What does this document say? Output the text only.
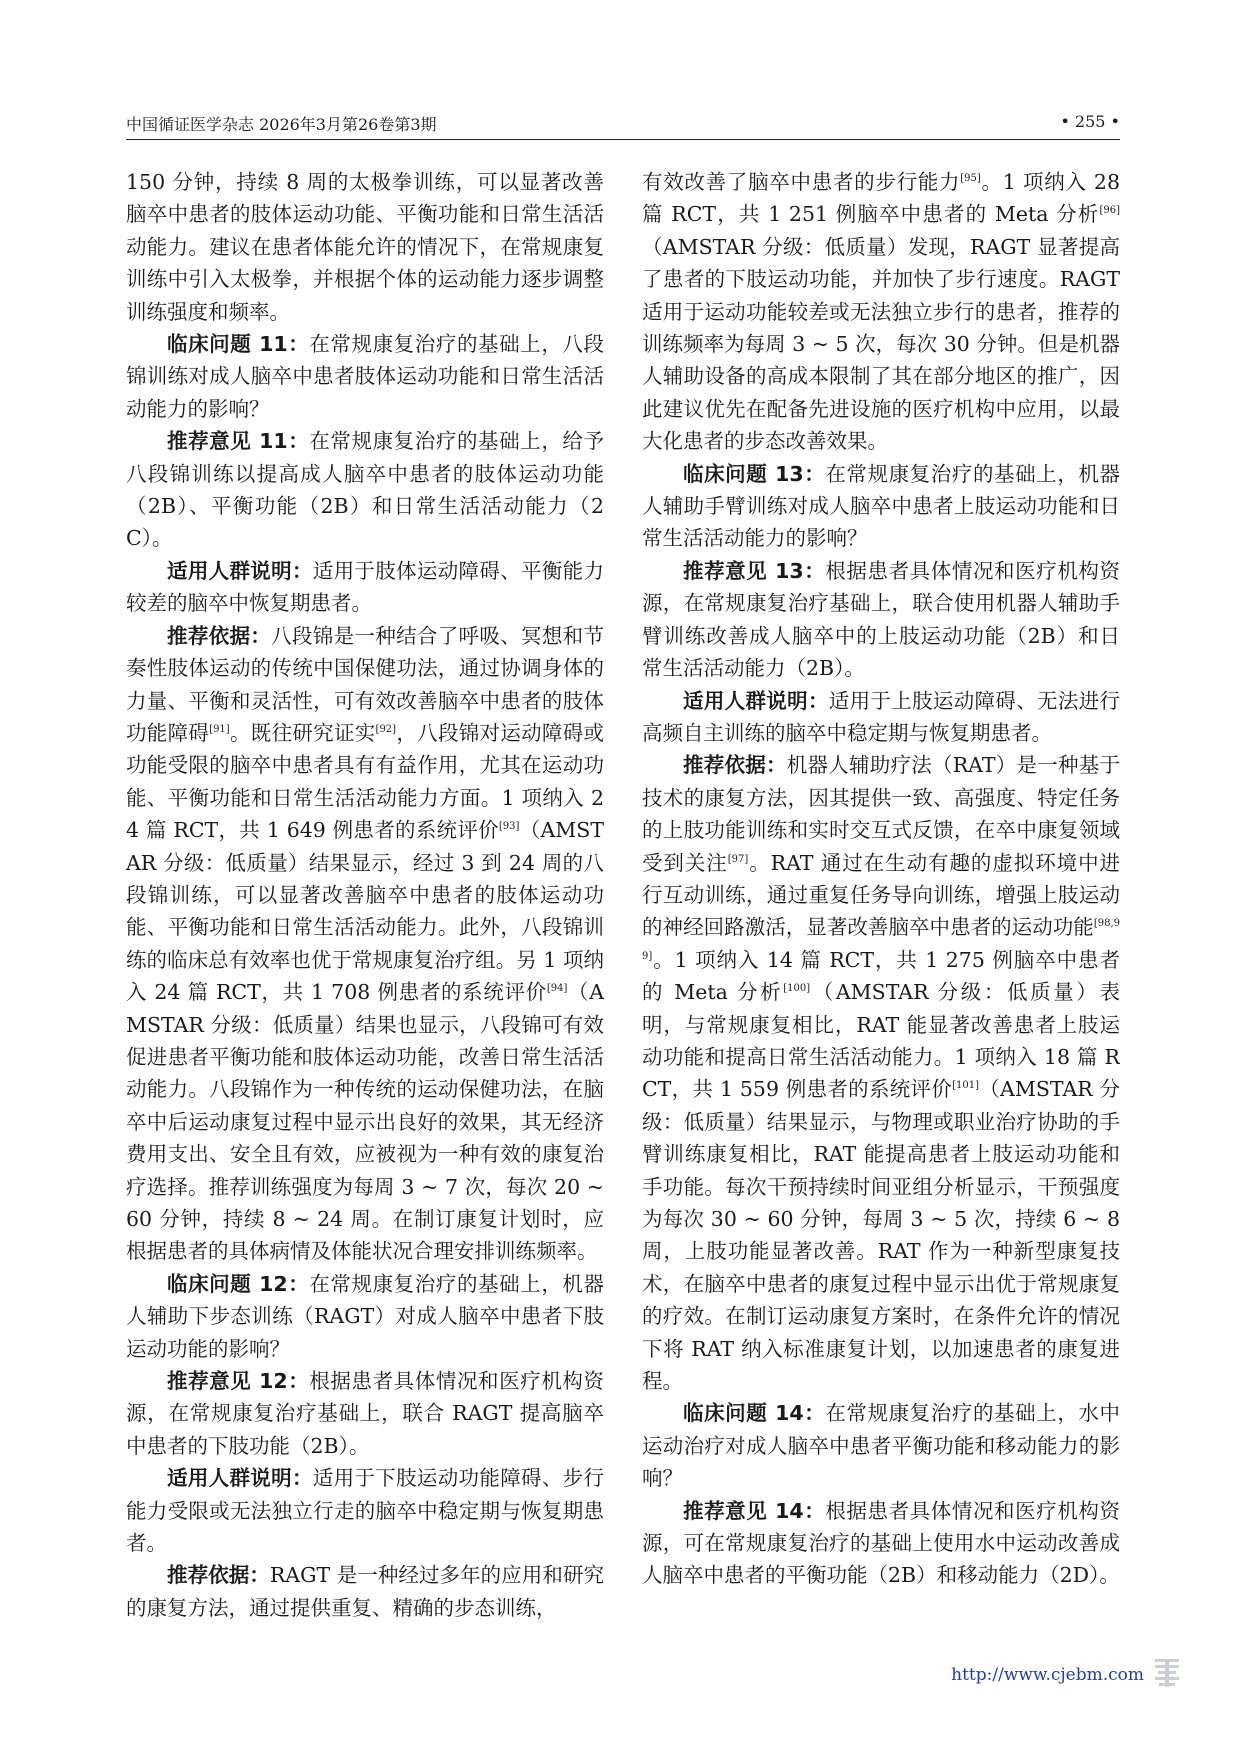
中国循证医学杂志 2026年3月第26卷第3期	• 255 •

150 分钟，持续 8 周的太极拳训练，可以显著改善脑卒中患者的肢体运动功能、平衡功能和日常生活活动能力。建议在患者体能允许的情况下，在常规康复训练中引入太极拳，并根据个体的运动能力逐步调整训练强度和频率。

临床问题 11：在常规康复治疗的基础上，八段锦训练对成人脑卒中患者肢体运动功能和日常生活活动能力的影响？

推荐意见 11：在常规康复治疗的基础上，给予八段锦训练以提高成人脑卒中患者的肢体运动功能（2B）、平衡功能（2B）和日常生活活动能力（2C）。

适用人群说明：适用于肢体运动障碍、平衡能力较差的脑卒中恢复期患者。

推荐依据：八段锦是一种结合了呼吸、冥想和节奏性肢体运动的传统中国保健功法，通过协调身体的力量、平衡和灵活性，可有效改善脑卒中患者的肢体功能障碍[91]。既往研究证实[92]，八段锦对运动障碍或功能受限的脑卒中患者具有有益作用，尤其在运动功能、平衡功能和日常生活活动能力方面。1 项纳入 24 篇 RCT，共 1 649 例患者的系统评价[93]（AMSTAR 分级：低质量）结果显示，经过 3 到 24 周的八段锦训练，可以显著改善脑卒中患者的肢体运动功能、平衡功能和日常生活活动能力。此外，八段锦训练的临床总有效率也优于常规康复治疗组。另 1 项纳入 24 篇 RCT，共 1 708 例患者的系统评价[94]（AMSTAR 分级：低质量）结果也显示，八段锦可有效促进患者平衡功能和肢体运动功能，改善日常生活活动能力。八段锦作为一种传统的运动保健功法，在脑卒中后运动康复过程中显示出良好的效果，其无经济费用支出、安全且有效，应被视为一种有效的康复治疗选择。推荐训练强度为每周 3 ~ 7 次，每次 20 ~ 60 分钟，持续 8 ~ 24 周。在制订康复计划时，应根据患者的具体病情及体能状况合理安排训练频率。

临床问题 12：在常规康复治疗的基础上，机器人辅助下步态训练（RAGT）对成人脑卒中患者下肢运动功能的影响？

推荐意见 12：根据患者具体情况和医疗机构资源，在常规康复治疗基础上，联合 RAGT 提高脑卒中患者的下肢功能（2B）。

适用人群说明：适用于下肢运动功能障碍、步行能力受限或无法独立行走的脑卒中稳定期与恢复期患者。

推荐依据：RAGT 是一种经过多年的应用和研究的康复方法，通过提供重复、精确的步态训练，

有效改善了脑卒中患者的步行能力[95]。1 项纳入 28 篇 RCT，共 1 251 例脑卒中患者的 Meta 分析[96]（AMSTAR 分级：低质量）发现，RAGT 显著提高了患者的下肢运动功能，并加快了步行速度。RAGT 适用于运动功能较差或无法独立步行的患者，推荐的训练频率为每周 3 ~ 5 次，每次 30 分钟。但是机器人辅助设备的高成本限制了其在部分地区的推广，因此建议优先在配备先进设施的医疗机构中应用，以最大化患者的步态改善效果。

临床问题 13：在常规康复治疗的基础上，机器人辅助手臂训练对成人脑卒中患者上肢运动功能和日常生活活动能力的影响？

推荐意见 13：根据患者具体情况和医疗机构资源，在常规康复治疗基础上，联合使用机器人辅助手臂训练改善成人脑卒中的上肢运动功能（2B）和日常生活活动能力（2B）。

适用人群说明：适用于上肢运动障碍、无法进行高频自主训练的脑卒中稳定期与恢复期患者。

推荐依据：机器人辅助疗法（RAT）是一种基于技术的康复方法，因其提供一致、高强度、特定任务的上肢功能训练和实时交互式反馈，在卒中康复领域受到关注[97]。RAT 通过在生动有趣的虚拟环境中进行互动训练，通过重复任务导向训练，增强上肢运动的神经回路激活，显著改善脑卒中患者的运动功能[98,99]。1 项纳入 14 篇 RCT，共 1 275 例脑卒中患者的 Meta 分析[100]（AMSTAR 分级：低质量）表明，与常规康复相比，RAT 能显著改善患者上肢运动功能和提高日常生活活动能力。1 项纳入 18 篇 RCT，共 1 559 例患者的系统评价[101]（AMSTAR 分级：低质量）结果显示，与物理或职业治疗协助的手臂训练康复相比，RAT 能提高患者上肢运动功能和手功能。每次干预持续时间亚组分析显示，干预强度为每次 30 ~ 60 分钟，每周 3 ~ 5 次，持续 6 ~ 8 周，上肢功能显著改善。RAT 作为一种新型康复技术，在脑卒中患者的康复过程中显示出优于常规康复的疗效。在制订运动康复方案时，在条件允许的情况下将 RAT 纳入标准康复计划，以加速患者的康复进程。

临床问题 14：在常规康复治疗的基础上，水中运动治疗对成人脑卒中患者平衡功能和移动能力的影响？

推荐意见 14：根据患者具体情况和医疗机构资源，可在常规康复治疗的基础上使用水中运动改善成人脑卒中患者的平衡功能（2B）和移动能力（2D）。

http://www.cjebm.com
